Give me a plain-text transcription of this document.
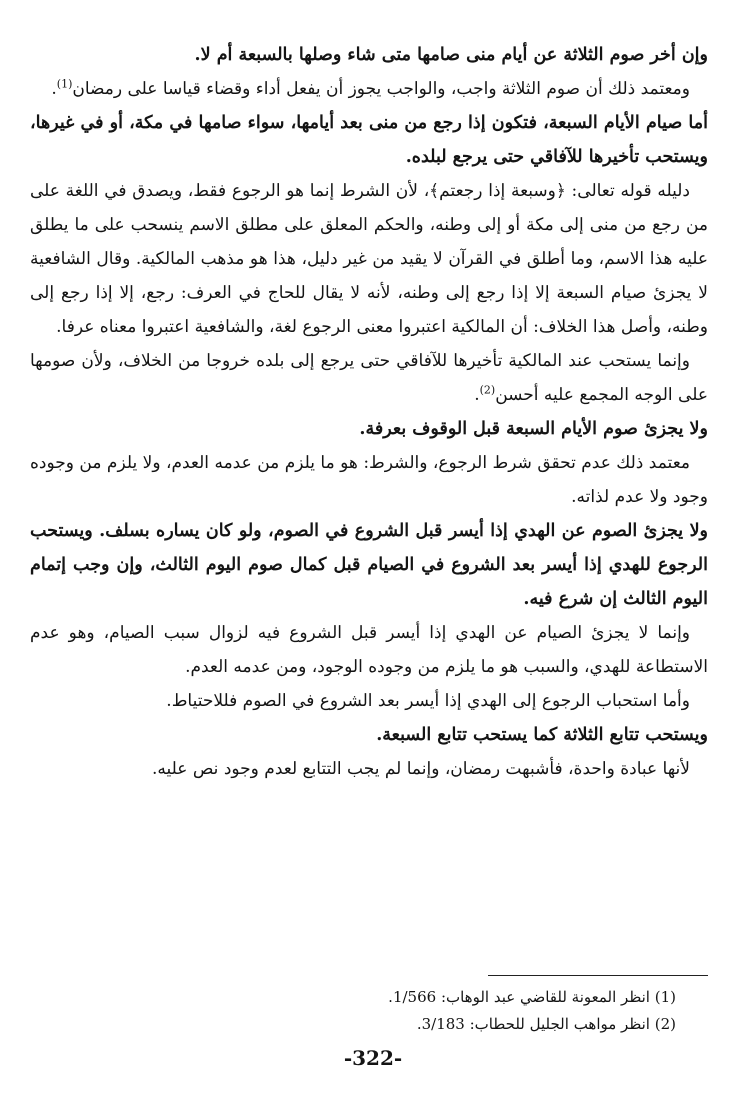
وإن أخر صوم الثلاثة عن أيام منى صامها متى شاء وصلها بالسبعة أم لا.

ومعتمد ذلك أن صوم الثلاثة واجب، والواجب يجوز أن يفعل أداء وقضاء قياسا على رمضان$^{(1)}$.

أما صيام الأيام السبعة، فتكون إذا رجع من منى بعد أيامها، سواء صامها في مكة، أو في غيرها، ويستحب تأخيرها للآفاقي حتى يرجع لبلده.

دليله قوله تعالى: ﴿وسبعة إذا رجعتم﴾، لأن الشرط إنما هو الرجوع فقط، ويصدق في اللغة على من رجع من منى إلى مكة أو إلى وطنه، والحكم المعلق على مطلق الاسم ينسحب على ما يطلق عليه هذا الاسم، وما أطلق في القرآن لا يقيد من غير دليل، هذا هو مذهب المالكية. وقال الشافعية لا يجزئ صيام السبعة إلا إذا رجع إلى وطنه، لأنه لا يقال للحاج في العرف: رجع، إلا إذا رجع إلى وطنه، وأصل هذا الخلاف: أن المالكية اعتبروا معنى الرجوع لغة، والشافعية اعتبروا معناه عرفا.

وإنما يستحب عند المالكية تأخيرها للآفاقي حتى يرجع إلى بلده خروجا من الخلاف، ولأن صومها على الوجه المجمع عليه أحسن$^{(2)}$.

ولا يجزئ صوم الأيام السبعة قبل الوقوف بعرفة.

معتمد ذلك عدم تحقق شرط الرجوع، والشرط: هو ما يلزم من عدمه العدم، ولا يلزم من وجوده وجود ولا عدم لذاته.

ولا يجزئ الصوم عن الهدي إذا أيسر قبل الشروع في الصوم، ولو كان يساره بسلف. ويستحب الرجوع للهدي إذا أيسر بعد الشروع في الصيام قبل كمال صوم اليوم الثالث، وإن وجب إتمام اليوم الثالث إن شرع فيه.

وإنما لا يجزئ الصيام عن الهدي إذا أيسر قبل الشروع فيه لزوال سبب الصيام، وهو عدم الاستطاعة للهدي، والسبب هو ما يلزم من وجوده الوجود، ومن عدمه العدم.

وأما استحباب الرجوع إلى الهدي إذا أيسر بعد الشروع في الصوم فللاحتياط.

ويستحب تتابع الثلاثة كما يستحب تتابع السبعة.

لأنها عبادة واحدة، فأشبهت رمضان، وإنما لم يجب التتابع لعدم وجود نص عليه.

(1) انظر المعونة للقاضي عبد الوهاب: 1/566.

(2) انظر مواهب الجليل للحطاب: 3/183.

-322-
